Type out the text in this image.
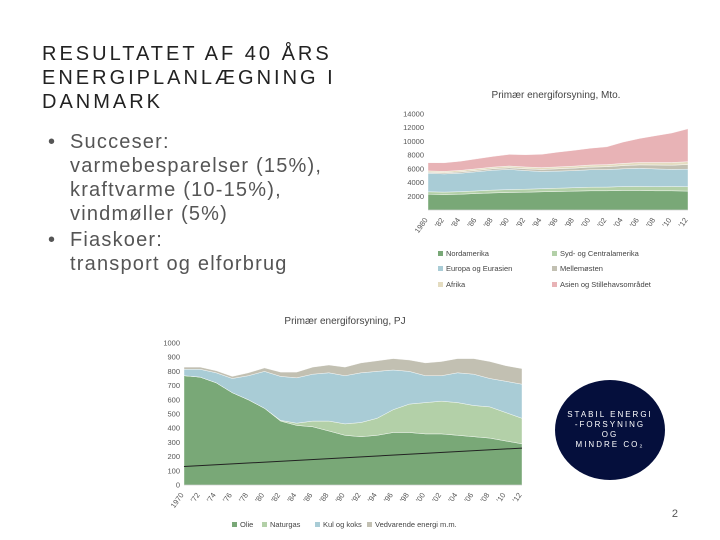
RESULTATET AF 40 ÅRS
ENERGIPLANLÆGNING I
DANMARK
• Succeser:
varmebesparelser (15%),
kraftvarme (10-15%),
vindmøller (5%)
• Fiaskoer:
transport og elforbrug
Primær energiforsyning, Mto.
2000
4000
6000
8000
10000
12000
14000
1980 '82 '84 '86 '88 '90 '92 '94 '96 '98 '00 '02 '04 '06 '08 '10 '12
Nordamerika	Syd- og Centralamerika
Europa og Eurasien	Mellemøsten
Afrika	Asien og Stillehavsområdet
Primær energiforsyning, PJ
0
100
200
300
400
500
600
700
800
900
1000
1970 '72 '74 '76 '78 '80 '82 '84 '86 '88 '90 '92 '94 '96 '98 '00 '02 '04 '06 '08 '10 '12
Olie Naturgas	Kul og koks Vedvarende energi m.m.
STABIL ENERGI
-FORSYNING
OG
MINDRE CO₂
2
